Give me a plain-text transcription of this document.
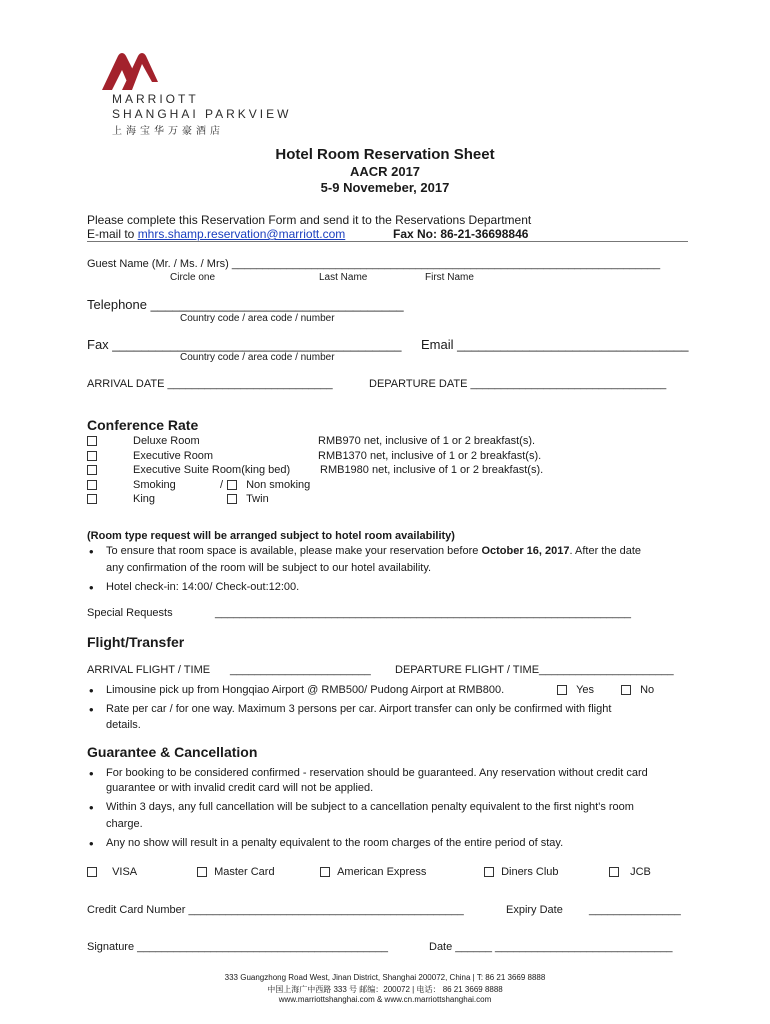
MARRIOTT
SHANGHAI PARKVIEW
上海宝华万豪酒店
Hotel Room Reservation Sheet
AACR 2017
5-9 Novemeber, 2017
Please complete this Reservation Form and send it to the Reservations Department
E-mail to mhrs.shamp.reservation@marriott.com	Fax No: 86-21-36698846
Guest Name (Mr. / Ms. / Mrs) ______________________________________________________________________
Circle one	Last Name	First Name
Telephone ___________________________________
Country code / area code / number
Fax ________________________________________ Email ________________________________
Country code / area code / number
ARRIVAL DATE ___________________________	DEPARTURE DATE ________________________________
Conference Rate
Deluxe Room	RMB970 net, inclusive of 1 or 2 breakfast(s).
Executive Room	RMB1370 net, inclusive of 1 or 2 breakfast(s).
Executive Suite Room(king bed)	RMB1980 net, inclusive of 1 or 2 breakfast(s).
Smoking	/	Non smoking
King	Twin
(Room type request will be arranged subject to hotel room availability)
• To ensure that room space is available, please make your reservation before October 16, 2017. After the date
any confirmation of the room will be subject to our hotel availability.
• Hotel check-in: 14:00/ Check-out:12:00.
Special Requests	____________________________________________________________________
Flight/Transfer
ARRIVAL FLIGHT / TIME _______________________ DEPARTURE FLIGHT / TIME______________________
• Limousine pick up from Hongqiao Airport @ RMB500/ Pudong Airport at RMB800.	Yes	No
• Rate per car / for one way. Maximum 3 persons per car. Airport transfer can only be confirmed with flight
details.
Guarantee & Cancellation
• For booking to be considered confirmed - reservation should be guaranteed. Any reservation without credit card
guarantee or with invalid credit card will not be applied.
• Within 3 days, any full cancellation will be subject to a cancellation penalty equivalent to the first night's room
charge.
• Any no show will result in a penalty equivalent to the room charges of the entire period of stay.
VISA	Master Card	American Express	Diners Club	JCB
Credit Card Number _____________________________________________	Expiry Date _______________
Signature _________________________________________	Date ______ _____________________________
333 Guangzhong Road West, Jinan District, Shanghai 200072, China | T: 86 21 3669 8888
中国上海广中西路 333 号 邮编：200072 | 电话： 86 21 3669 8888
www.marriottshanghai.com & www.cn.marriottshanghai.com
